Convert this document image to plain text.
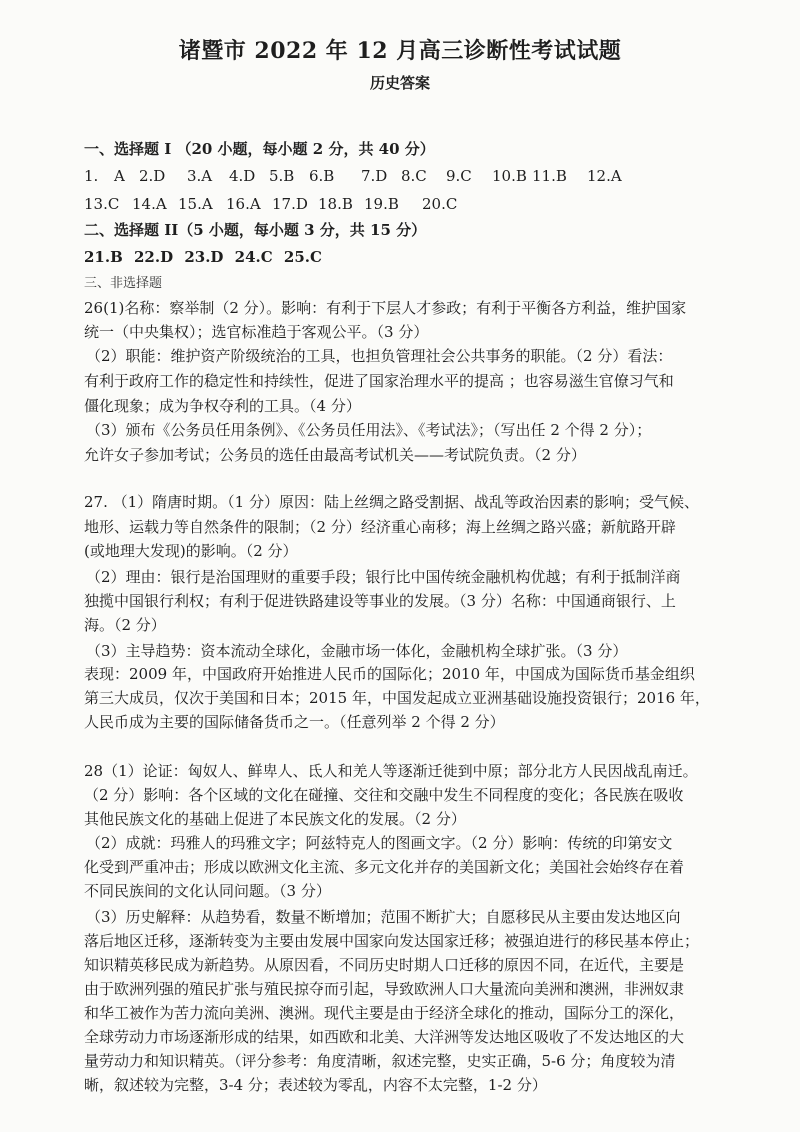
诸暨市 2022 年 12 月高三诊断性考试试题
历史答案
一、选择题 I （20 小题，每小题 2 分，共 40 分）
1. A 2.D 3.A 4.D 5.B 6.B 7.D 8.C 9.C 10.B 11.B 12.A
13.C 14.A 15.A 16.A 17.D 18.B 19.B 20.C
二、选择题 II（5 小题，每小题 3 分，共 15 分）
21.B 22.D 23.D 24.C 25.C
三、非选择题
26(1)名称：察举制（2 分）。影响：有利于下层人才参政；有利于平衡各方利益，维护国家
统一（中央集权）；选官标准趋于客观公平。（3 分）
（2）职能：维护资产阶级统治的工具，也担负管理社会公共事务的职能。（2 分）看法：
有利于政府工作的稳定性和持续性，促进了国家治理水平的提高 ；也容易滋生官僚习气和
僵化现象；成为争权夺利的工具。（4 分）
（3）颁布《公务员任用条例》、《公务员任用法》、《考试法》；（写出任 2 个得 2 分）；
允许女子参加考试；公务员的选任由最高考试机关——考试院负责。（2 分）
27. （1）隋唐时期。（1 分）原因：陆上丝绸之路受割据、战乱等政治因素的影响；受气候、
地形、运载力等自然条件的限制；（2 分）经济重心南移；海上丝绸之路兴盛；新航路开辟
(或地理大发现)的影响。（2 分）
（2）理由：银行是治国理财的重要手段；银行比中国传统金融机构优越；有利于抵制洋商
独揽中国银行利权；有利于促进铁路建设等事业的发展。（3 分）名称：中国通商银行、上
海。（2 分）
（3）主导趋势：资本流动全球化，金融市场一体化，金融机构全球扩张。（3 分）
表现：2009 年，中国政府开始推进人民币的国际化；2010 年，中国成为国际货币基金组织
第三大成员，仅次于美国和日本；2015 年，中国发起成立亚洲基础设施投资银行；2016 年，
人民币成为主要的国际储备货币之一。（任意列举 2 个得 2 分）
28（1）论证：匈奴人、鲜卑人、氐人和羌人等逐渐迁徙到中原；部分北方人民因战乱南迁。
（2 分）影响：各个区域的文化在碰撞、交往和交融中发生不同程度的变化；各民族在吸收
其他民族文化的基础上促进了本民族文化的发展。（2 分）
（2）成就：玛雅人的玛雅文字；阿兹特克人的图画文字。（2 分）影响：传统的印第安文
化受到严重冲击；形成以欧洲文化主流、多元文化并存的美国新文化；美国社会始终存在着
不同民族间的文化认同问题。（3 分）
（3）历史解释：从趋势看，数量不断增加；范围不断扩大；自愿移民从主要由发达地区向
落后地区迁移，逐渐转变为主要由发展中国家向发达国家迁移；被强迫进行的移民基本停止；
知识精英移民成为新趋势。从原因看，不同历史时期人口迁移的原因不同，在近代，主要是
由于欧洲列强的殖民扩张与殖民掠夺而引起，导致欧洲人口大量流向美洲和澳洲，非洲奴隶
和华工被作为苦力流向美洲、澳洲。现代主要是由于经济全球化的推动，国际分工的深化，
全球劳动力市场逐渐形成的结果，如西欧和北美、大洋洲等发达地区吸收了不发达地区的大
量劳动力和知识精英。（评分参考：角度清晰，叙述完整，史实正确，5-6 分；角度较为清
晰，叙述较为完整，3-4 分；表述较为零乱，内容不太完整，1-2 分）
